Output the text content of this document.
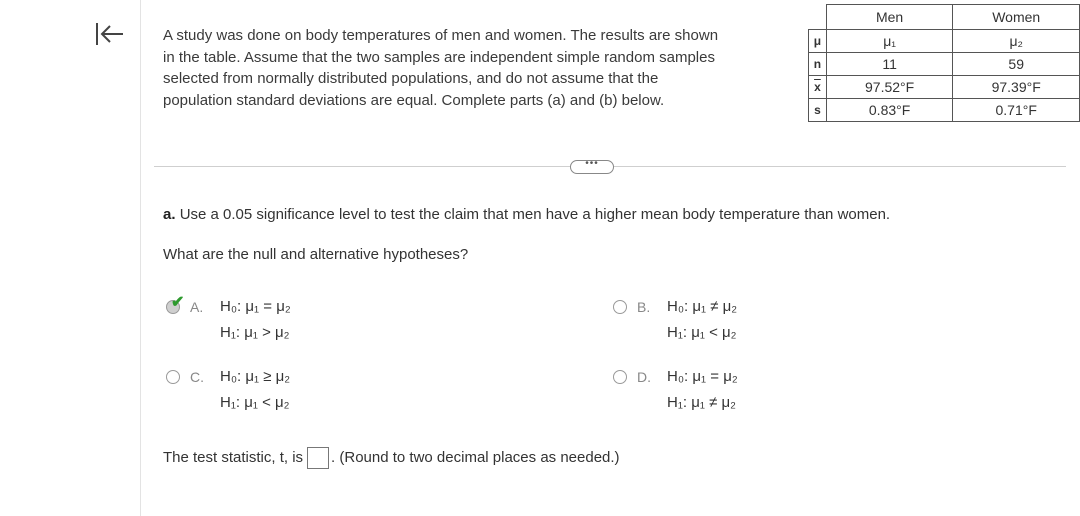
A study was done on body temperatures of men and women. The results are shown
in the table. Assume that the two samples are independent simple random samples
selected from normally distributed populations, and do not assume that the
population standard deviations are equal. Complete parts (a) and (b) below.
	Men	Women
μ	μ₁	μ₂
n	11	59
$\overline{x}$	97.52°F	97.39°F
s	0.83°F	0.71°F
•••
a. Use a 0.05 significance level to test the claim that men have a higher mean body temperature than women.
What are the null and alternative hypotheses?
✔ A. H₀: μ₁ = μ₂
H₁: μ₁ > μ₂
B. H₀: μ₁ ≠ μ₂
H₁: μ₁ < μ₂
C. H₀: μ₁ ≥ μ₂
H₁: μ₁ < μ₂
D. H₀: μ₁ = μ₂
H₁: μ₁ ≠ μ₂
The test statistic, t, is . (Round to two decimal places as needed.)
